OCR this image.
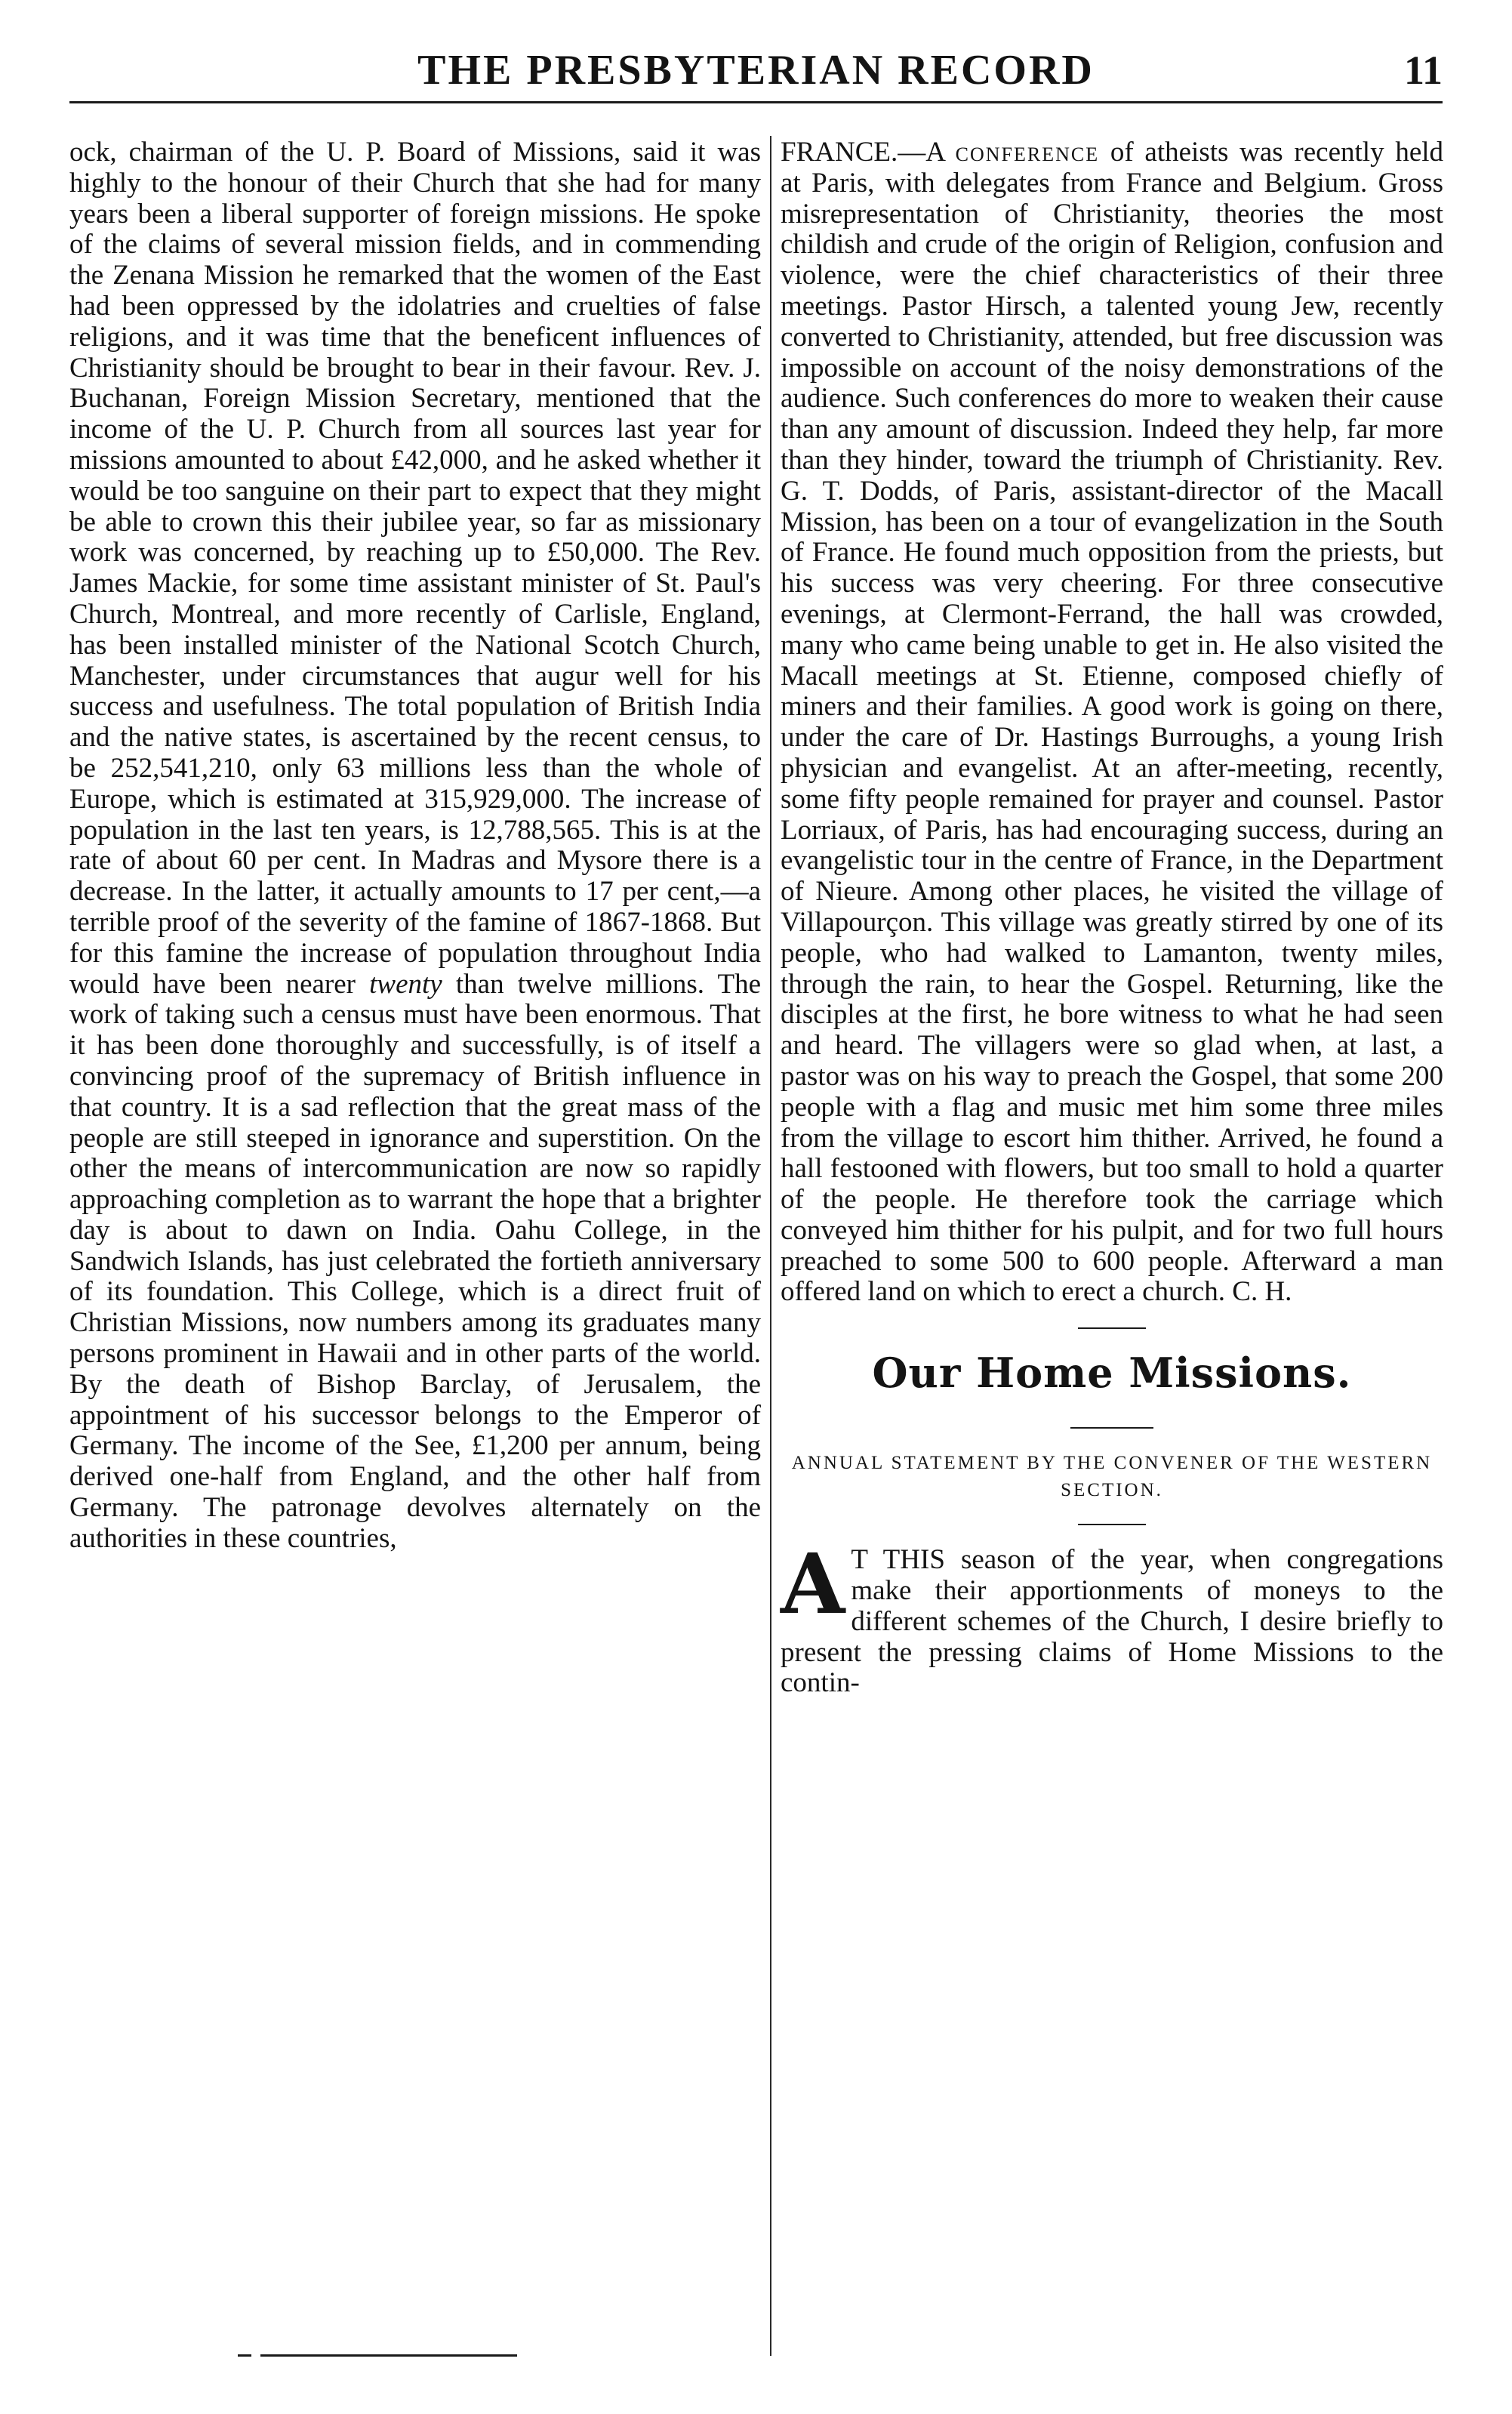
THE PRESBYTERIAN RECORD	11

ock, chairman of the U. P. Board of Missions, said it was highly to the honour of their Church that she had for many years been a liberal supporter of foreign missions. He spoke of the claims of several mission fields, and in commending the Zenana Mission he remarked that the women of the East had been oppressed by the idolatries and cruelties of false religions, and it was time that the beneficent influences of Christianity should be brought to bear in their favour. Rev. J. Buchanan, Foreign Mission Secretary, mentioned that the income of the U. P. Church from all sources last year for missions amounted to about £42,000, and he asked whether it would be too sanguine on their part to expect that they might be able to crown this their jubilee year, so far as missionary work was concerned, by reaching up to £50,000. The Rev. James Mackie, for some time assistant minister of St. Paul's Church, Montreal, and more recently of Carlisle, England, has been installed minister of the National Scotch Church, Manchester, under circumstances that augur well for his success and usefulness. The total population of British India and the native states, is ascertained by the recent census, to be 252,541,210, only 63 millions less than the whole of Europe, which is estimated at 315,929,000. The increase of population in the last ten years, is 12,788,565. This is at the rate of about 60 per cent. In Madras and Mysore there is a decrease. In the latter, it actually amounts to 17 per cent,—a terrible proof of the severity of the famine of 1867-1868. But for this famine the increase of population throughout India would have been nearer twenty than twelve millions. The work of taking such a census must have been enormous. That it has been done thoroughly and successfully, is of itself a convincing proof of the supremacy of British influence in that country. It is a sad reflection that the great mass of the people are still steeped in ignorance and superstition. On the other the means of intercommunication are now so rapidly approaching completion as to warrant the hope that a brighter day is about to dawn on India. Oahu College, in the Sandwich Islands, has just celebrated the fortieth anniversary of its foundation. This College, which is a direct fruit of Christian Missions, now numbers among its graduates many persons prominent in Hawaii and in other parts of the world. By the death of Bishop Barclay, of Jerusalem, the appointment of his successor belongs to the Emperor of Germany. The income of the See, £1,200 per annum, being derived one-half from England, and the other half from Germany. The patronage devolves alternately on the authorities in these countries,

FRANCE.—A conference of atheists was recently held at Paris, with delegates from France and Belgium. Gross misrepresentation of Christianity, theories the most childish and crude of the origin of Religion, confusion and violence, were the chief characteristics of their three meetings. Pastor Hirsch, a talented young Jew, recently converted to Christianity, attended, but free discussion was impossible on account of the noisy demonstrations of the audience. Such conferences do more to weaken their cause than any amount of discussion. Indeed they help, far more than they hinder, toward the triumph of Christianity. Rev. G. T. Dodds, of Paris, assistant-director of the Macall Mission, has been on a tour of evangelization in the South of France. He found much opposition from the priests, but his success was very cheering. For three consecutive evenings, at Clermont-Ferrand, the hall was crowded, many who came being unable to get in. He also visited the Macall meetings at St. Etienne, composed chiefly of miners and their families. A good work is going on there, under the care of Dr. Hastings Burroughs, a young Irish physician and evangelist. At an after-meeting, recently, some fifty people remained for prayer and counsel. Pastor Lorriaux, of Paris, has had encouraging success, during an evangelistic tour in the centre of France, in the Department of Nieure. Among other places, he visited the village of Villapourçon. This village was greatly stirred by one of its people, who had walked to Lamanton, twenty miles, through the rain, to hear the Gospel. Returning, like the disciples at the first, he bore witness to what he had seen and heard. The villagers were so glad when, at last, a pastor was on his way to preach the Gospel, that some 200 people with a flag and music met him some three miles from the village to escort him thither. Arrived, he found a hall festooned with flowers, but too small to hold a quarter of the people. He therefore took the carriage which conveyed him thither for his pulpit, and for two full hours preached to some 500 to 600 people. Afterward a man offered land on which to erect a church. C. H.

Our Home Missions.
ANNUAL STATEMENT BY THE CONVENER OF THE WESTERN SECTION.

A T THIS season of the year, when congregations make their apportionments of moneys to the different schemes of the Church, I desire briefly to present the pressing claims of Home Missions to the contin-
